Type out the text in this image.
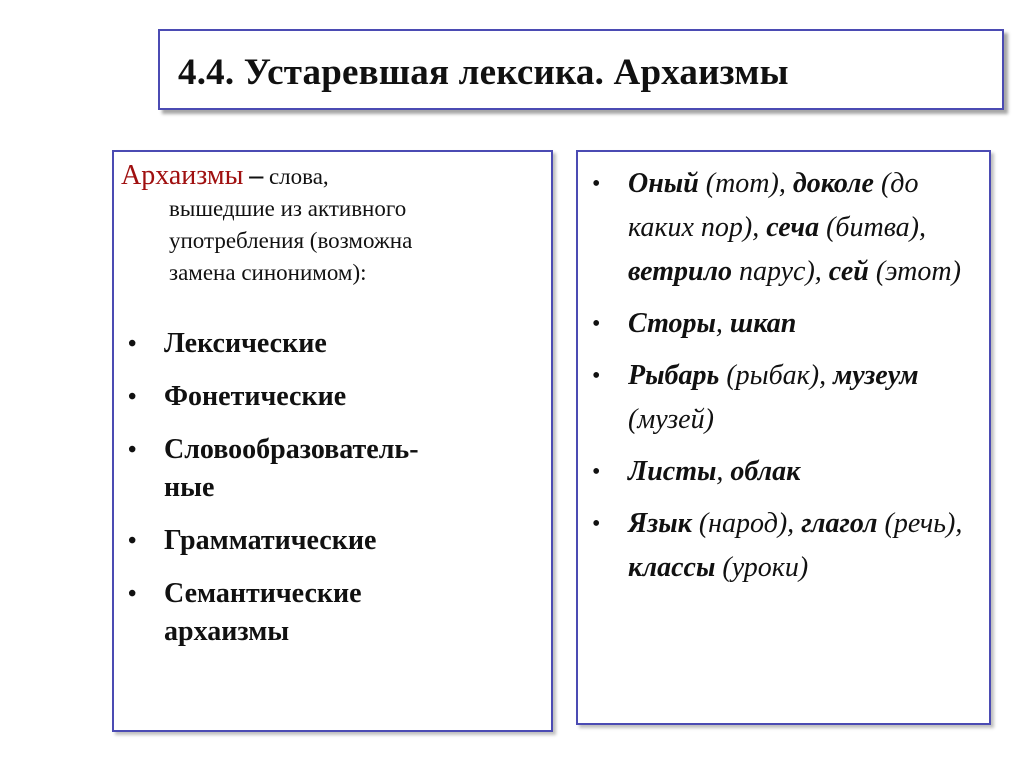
4.4. Устаревшая лексика. Архаизмы
Архаизмы – слова,
вышедшие из активного
употребления (возможна
замена синонимом):
• Лексические
• Фонетические
• Словообразователь-
ные
• Грамматические
• Семантические
архаизмы
• Оный (тот), доколе (до каких пор), сеча (битва), ветрило парус), сей (этот)
• Сторы, шкап
• Рыбарь (рыбак), музеум (музей)
• Листы, облак
• Язык (народ), глагол (речь), классы (уроки)
